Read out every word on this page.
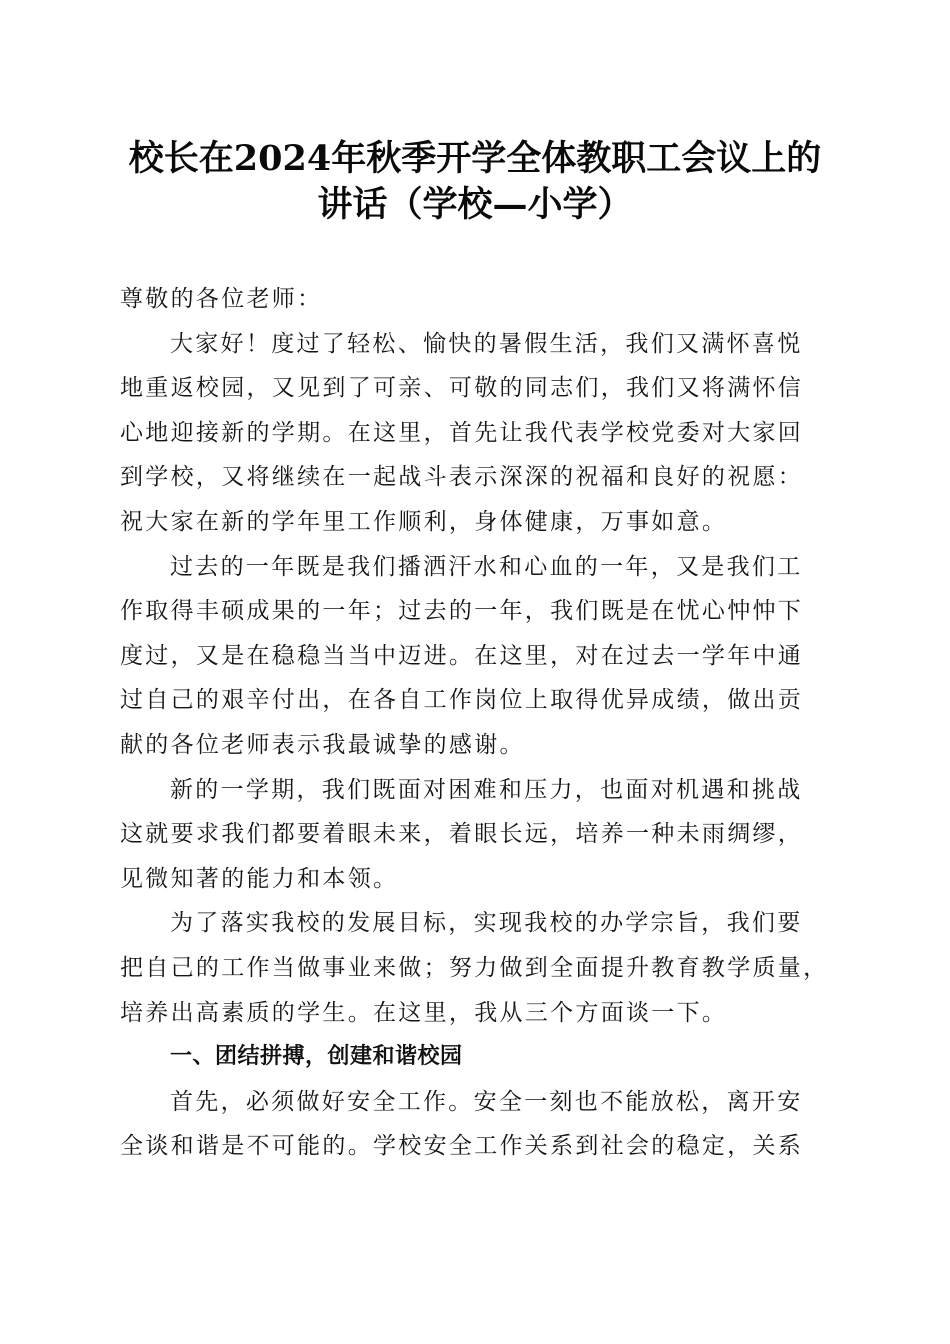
校长在2024年秋季开学全体教职工会议上的
讲话（学校—小学）
尊敬的各位老师：
大家好！度过了轻松、愉快的暑假生活，我们又满怀喜悦
地重返校园，又见到了可亲、可敬的同志们，我们又将满怀信
心地迎接新的学期。在这里，首先让我代表学校党委对大家回
到学校，又将继续在一起战斗表示深深的祝福和良好的祝愿：
祝大家在新的学年里工作顺利，身体健康，万事如意。
过去的一年既是我们播洒汗水和心血的一年，又是我们工
作取得丰硕成果的一年；过去的一年，我们既是在忧心忡忡下
度过，又是在稳稳当当中迈进。在这里，对在过去一学年中通
过自己的艰辛付出，在各自工作岗位上取得优异成绩，做出贡
献的各位老师表示我最诚挚的感谢。
新的一学期，我们既面对困难和压力，也面对机遇和挑战
这就要求我们都要着眼未来，着眼长远，培养一种未雨绸缪，
见微知著的能力和本领。
为了落实我校的发展目标，实现我校的办学宗旨，我们要
把自己的工作当做事业来做；努力做到全面提升教育教学质量，
培养出高素质的学生。在这里，我从三个方面谈一下。
一、团结拼搏，创建和谐校园
首先，必须做好安全工作。安全一刻也不能放松，离开安
全谈和谐是不可能的。学校安全工作关系到社会的稳定，关系
